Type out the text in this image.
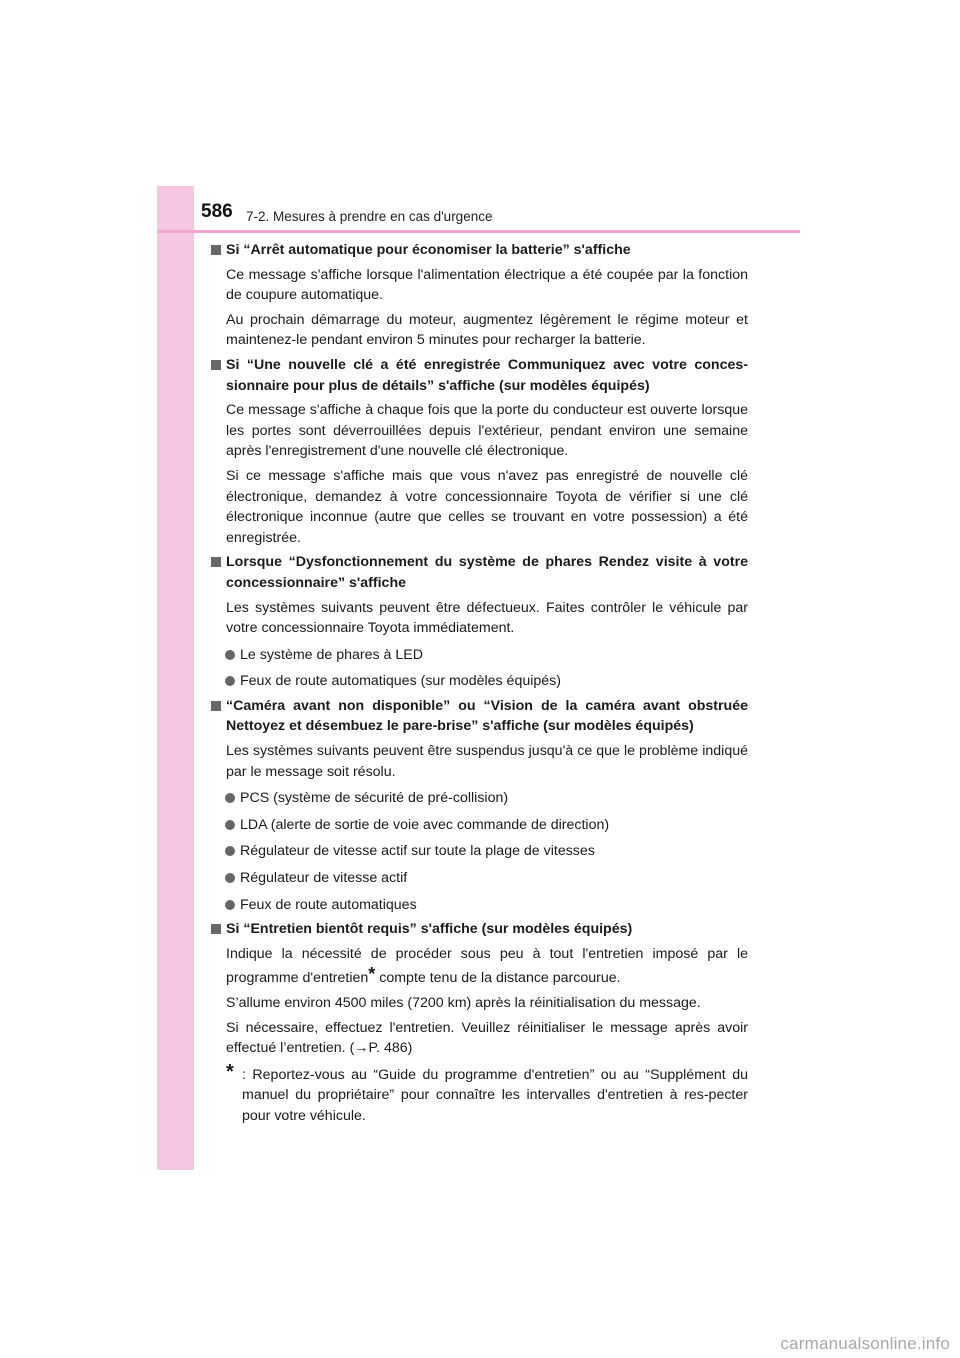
586 7-2. Mesures à prendre en cas d'urgence
Si “Arrêt automatique pour économiser la batterie” s'affiche
Ce message s'affiche lorsque l'alimentation électrique a été coupée par la fonction de coupure automatique.
Au prochain démarrage du moteur, augmentez légèrement le régime moteur et maintenez-le pendant environ 5 minutes pour recharger la batterie.
Si “Une nouvelle clé a été enregistrée Communiquez avec votre conces-sionnaire pour plus de détails” s'affiche (sur modèles équipés)
Ce message s'affiche à chaque fois que la porte du conducteur est ouverte lorsque les portes sont déverrouillées depuis l'extérieur, pendant environ une semaine après l'enregistrement d'une nouvelle clé électronique.
Si ce message s'affiche mais que vous n'avez pas enregistré de nouvelle clé électronique, demandez à votre concessionnaire Toyota de vérifier si une clé électronique inconnue (autre que celles se trouvant en votre possession) a été enregistrée.
Lorsque “Dysfonctionnement du système de phares Rendez visite à votre concessionnaire” s'affiche
Les systèmes suivants peuvent être défectueux. Faites contrôler le véhicule par votre concessionnaire Toyota immédiatement.
Le système de phares à LED
Feux de route automatiques (sur modèles équipés)
“Caméra avant non disponible” ou “Vision de la caméra avant obstruée Nettoyez et désembuez le pare-brise” s'affiche (sur modèles équipés)
Les systèmes suivants peuvent être suspendus jusqu'à ce que le problème indiqué par le message soit résolu.
PCS (système de sécurité de pré-collision)
LDA (alerte de sortie de voie avec commande de direction)
Régulateur de vitesse actif sur toute la plage de vitesses
Régulateur de vitesse actif
Feux de route automatiques
Si “Entretien bientôt requis” s'affiche (sur modèles équipés)
Indique la nécessité de procéder sous peu à tout l'entretien imposé par le programme d'entretien* compte tenu de la distance parcourue.
S’allume environ 4500 miles (7200 km) après la réinitialisation du message.
Si nécessaire, effectuez l'entretien. Veuillez réinitialiser le message après avoir effectué l’entretien. (→P. 486)
* : Reportez-vous au “Guide du programme d'entretien” ou au “Supplément du manuel du propriétaire” pour connaître les intervalles d'entretien à res-pecter pour votre véhicule.
carmanualsonline.info
